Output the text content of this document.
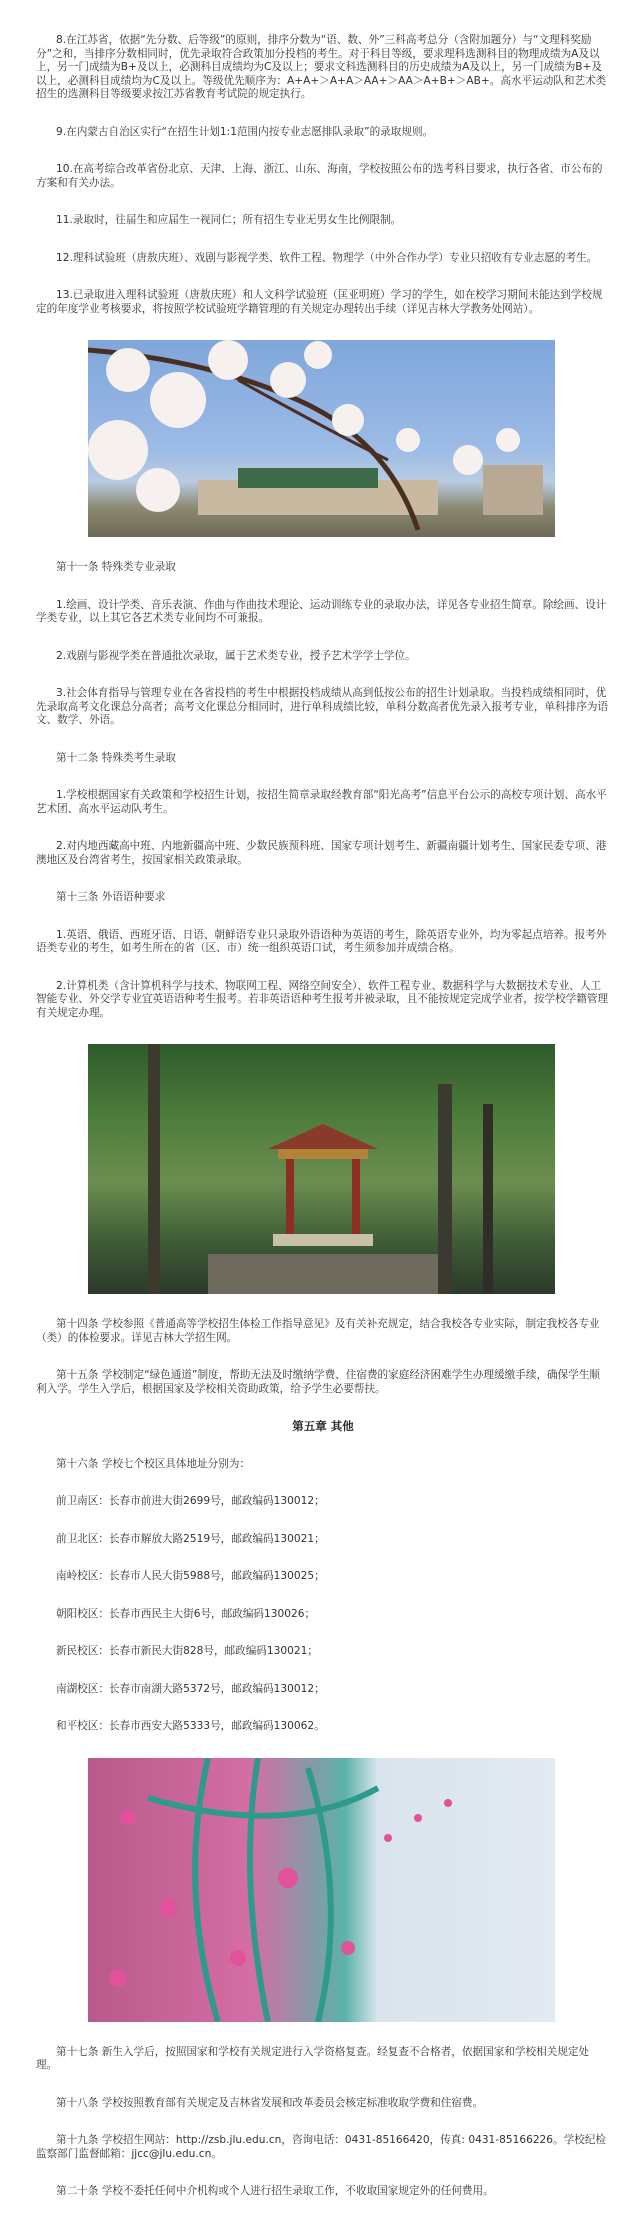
8.在江苏省，依据“先分数、后等级”的原则，排序分数为“语、数、外”三科高考总分（含附加题分）与“文理科奖励分”之和，当排序分数相同时，优先录取符合政策加分投档的考生。对于科目等级，要求理科选测科目的物理成绩为A及以上，另一门成绩为B+及以上，必测科目成绩均为C及以上；要求文科选测科目的历史成绩为A及以上，另一门成绩为B+及以上，必测科目成绩均为C及以上。等级优先顺序为：A+A+＞A+A＞AA+＞AA＞A+B+＞AB+。高水平运动队和艺术类招生的选测科目等级要求按江苏省教育考试院的规定执行。

9.在内蒙古自治区实行“在招生计划1:1范围内按专业志愿排队录取”的录取规则。

10.在高考综合改革省份北京、天津、上海、浙江、山东、海南，学校按照公布的选考科目要求，执行各省、市公布的方案和有关办法。

11.录取时，往届生和应届生一视同仁；所有招生专业无男女生比例限制。

12.理科试验班（唐敖庆班）、戏剧与影视学类、软件工程、物理学（中外合作办学）专业只招收有专业志愿的考生。

13.已录取进入理科试验班（唐敖庆班）和人文科学试验班（匡亚明班）学习的学生，如在校学习期间未能达到学校规定的年度学业考核要求，将按照学校试验班学籍管理的有关规定办理转出手续（详见吉林大学教务处网站）。

第十一条 特殊类专业录取

1.绘画、设计学类、音乐表演、作曲与作曲技术理论、运动训练专业的录取办法，详见各专业招生简章。除绘画、设计学类专业，以上其它各艺术类专业间均不可兼报。

2.戏剧与影视学类在普通批次录取，属于艺术类专业，授予艺术学学士学位。

3.社会体育指导与管理专业在各省投档的考生中根据投档成绩从高到低按公布的招生计划录取。当投档成绩相同时，优先录取高考文化课总分高者；高考文化课总分相同时，进行单科成绩比较，单科分数高者优先录入报考专业，单科排序为语文、数学、外语。

第十二条 特殊类考生录取

1.学校根据国家有关政策和学校招生计划，按招生简章录取经教育部“阳光高考”信息平台公示的高校专项计划、高水平艺术团、高水平运动队考生。

2.对内地西藏高中班、内地新疆高中班、少数民族预科班、国家专项计划考生、新疆南疆计划考生、国家民委专项、港澳地区及台湾省考生，按国家相关政策录取。

第十三条 外语语种要求

1.英语、俄语、西班牙语、日语、朝鲜语专业只录取外语语种为英语的考生，除英语专业外，均为零起点培养。报考外语类专业的考生，如考生所在的省（区、市）统一组织英语口试，考生须参加并成绩合格。

2.计算机类（含计算机科学与技术、物联网工程、网络空间安全）、软件工程专业、数据科学与大数据技术专业、人工智能专业、外交学专业宜英语语种考生报考。若非英语语种考生报考并被录取，且不能按规定完成学业者，按学校学籍管理有关规定办理。

第十四条 学校参照《普通高等学校招生体检工作指导意见》及有关补充规定，结合我校各专业实际，制定我校各专业（类）的体检要求。详见吉林大学招生网。

第十五条 学校制定“绿色通道”制度，帮助无法及时缴纳学费、住宿费的家庭经济困难学生办理缓缴手续，确保学生顺利入学。学生入学后，根据国家及学校相关资助政策，给予学生必要帮扶。

第五章 其他

第十六条 学校七个校区具体地址分别为：

前卫南区：长春市前进大街2699号，邮政编码130012；

前卫北区：长春市解放大路2519号，邮政编码130021；

南岭校区：长春市人民大街5988号，邮政编码130025；

朝阳校区：长春市西民主大街6号，邮政编码130026；

新民校区：长春市新民大街828号，邮政编码130021；

南湖校区：长春市南湖大路5372号，邮政编码130012；

和平校区：长春市西安大路5333号，邮政编码130062。

第十七条 新生入学后，按照国家和学校有关规定进行入学资格复查。经复查不合格者，依据国家和学校相关规定处理。

第十八条 学校按照教育部有关规定及吉林省发展和改革委员会核定标准收取学费和住宿费。

第十九条 学校招生网站：http://zsb.jlu.edu.cn，咨询电话：0431-85166420，传真: 0431-85166226。学校纪检监察部门监督邮箱：jjcc@jlu.edu.cn。

第二十条 学校不委托任何中介机构或个人进行招生录取工作，不收取国家规定外的任何费用。
